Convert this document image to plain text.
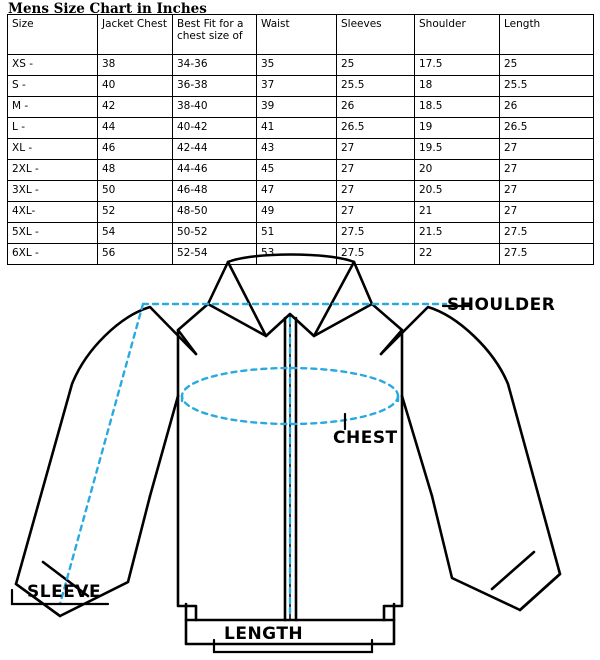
Mens Size Chart in Inches
Size	Jacket Chest	Best Fit for a chest size of	Waist	Sleeves	Shoulder	Length
XS -	38	34-36	35	25	17.5	25
S -	40	36-38	37	25.5	18	25.5
M -	42	38-40	39	26	18.5	26
L -	44	40-42	41	26.5	19	26.5
XL -	46	42-44	43	27	19.5	27
2XL -	48	44-46	45	27	20	27
3XL -	50	46-48	47	27	20.5	27
4XL-	52	48-50	49	27	21	27
5XL -	54	50-52	51	27.5	21.5	27.5
6XL -	56	52-54	53	27.5	22	27.5
SHOULDER
CHEST
SLEEVE
LENGTH
